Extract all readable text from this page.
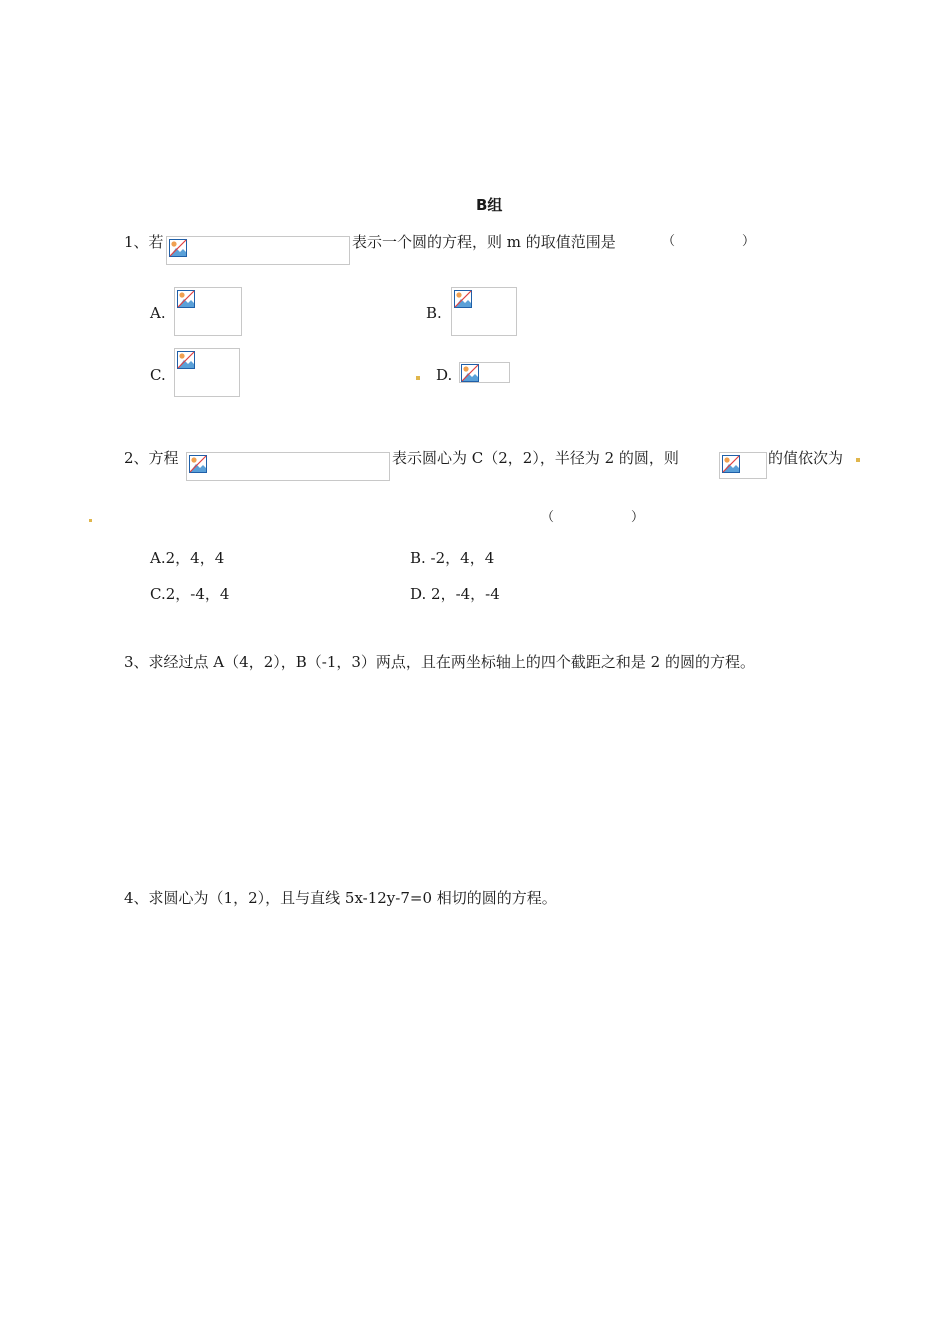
B组
1、若	表示一个圆的方程，则 m 的取值范围是	（	）
A.	B.
C.	D.
2、方程	表示圆心为 C（2，2），半径为 2 的圆，则	的值依次为
（	）
A.2，4，4	B. -2，4，4
C.2，-4，4	D. 2，-4，-4
3、求经过点 A（4，2），B（-1，3）两点，且在两坐标轴上的四个截距之和是 2 的圆的方程。
4、求圆心为（1，2），且与直线 5x-12y-7=0 相切的圆的方程。
